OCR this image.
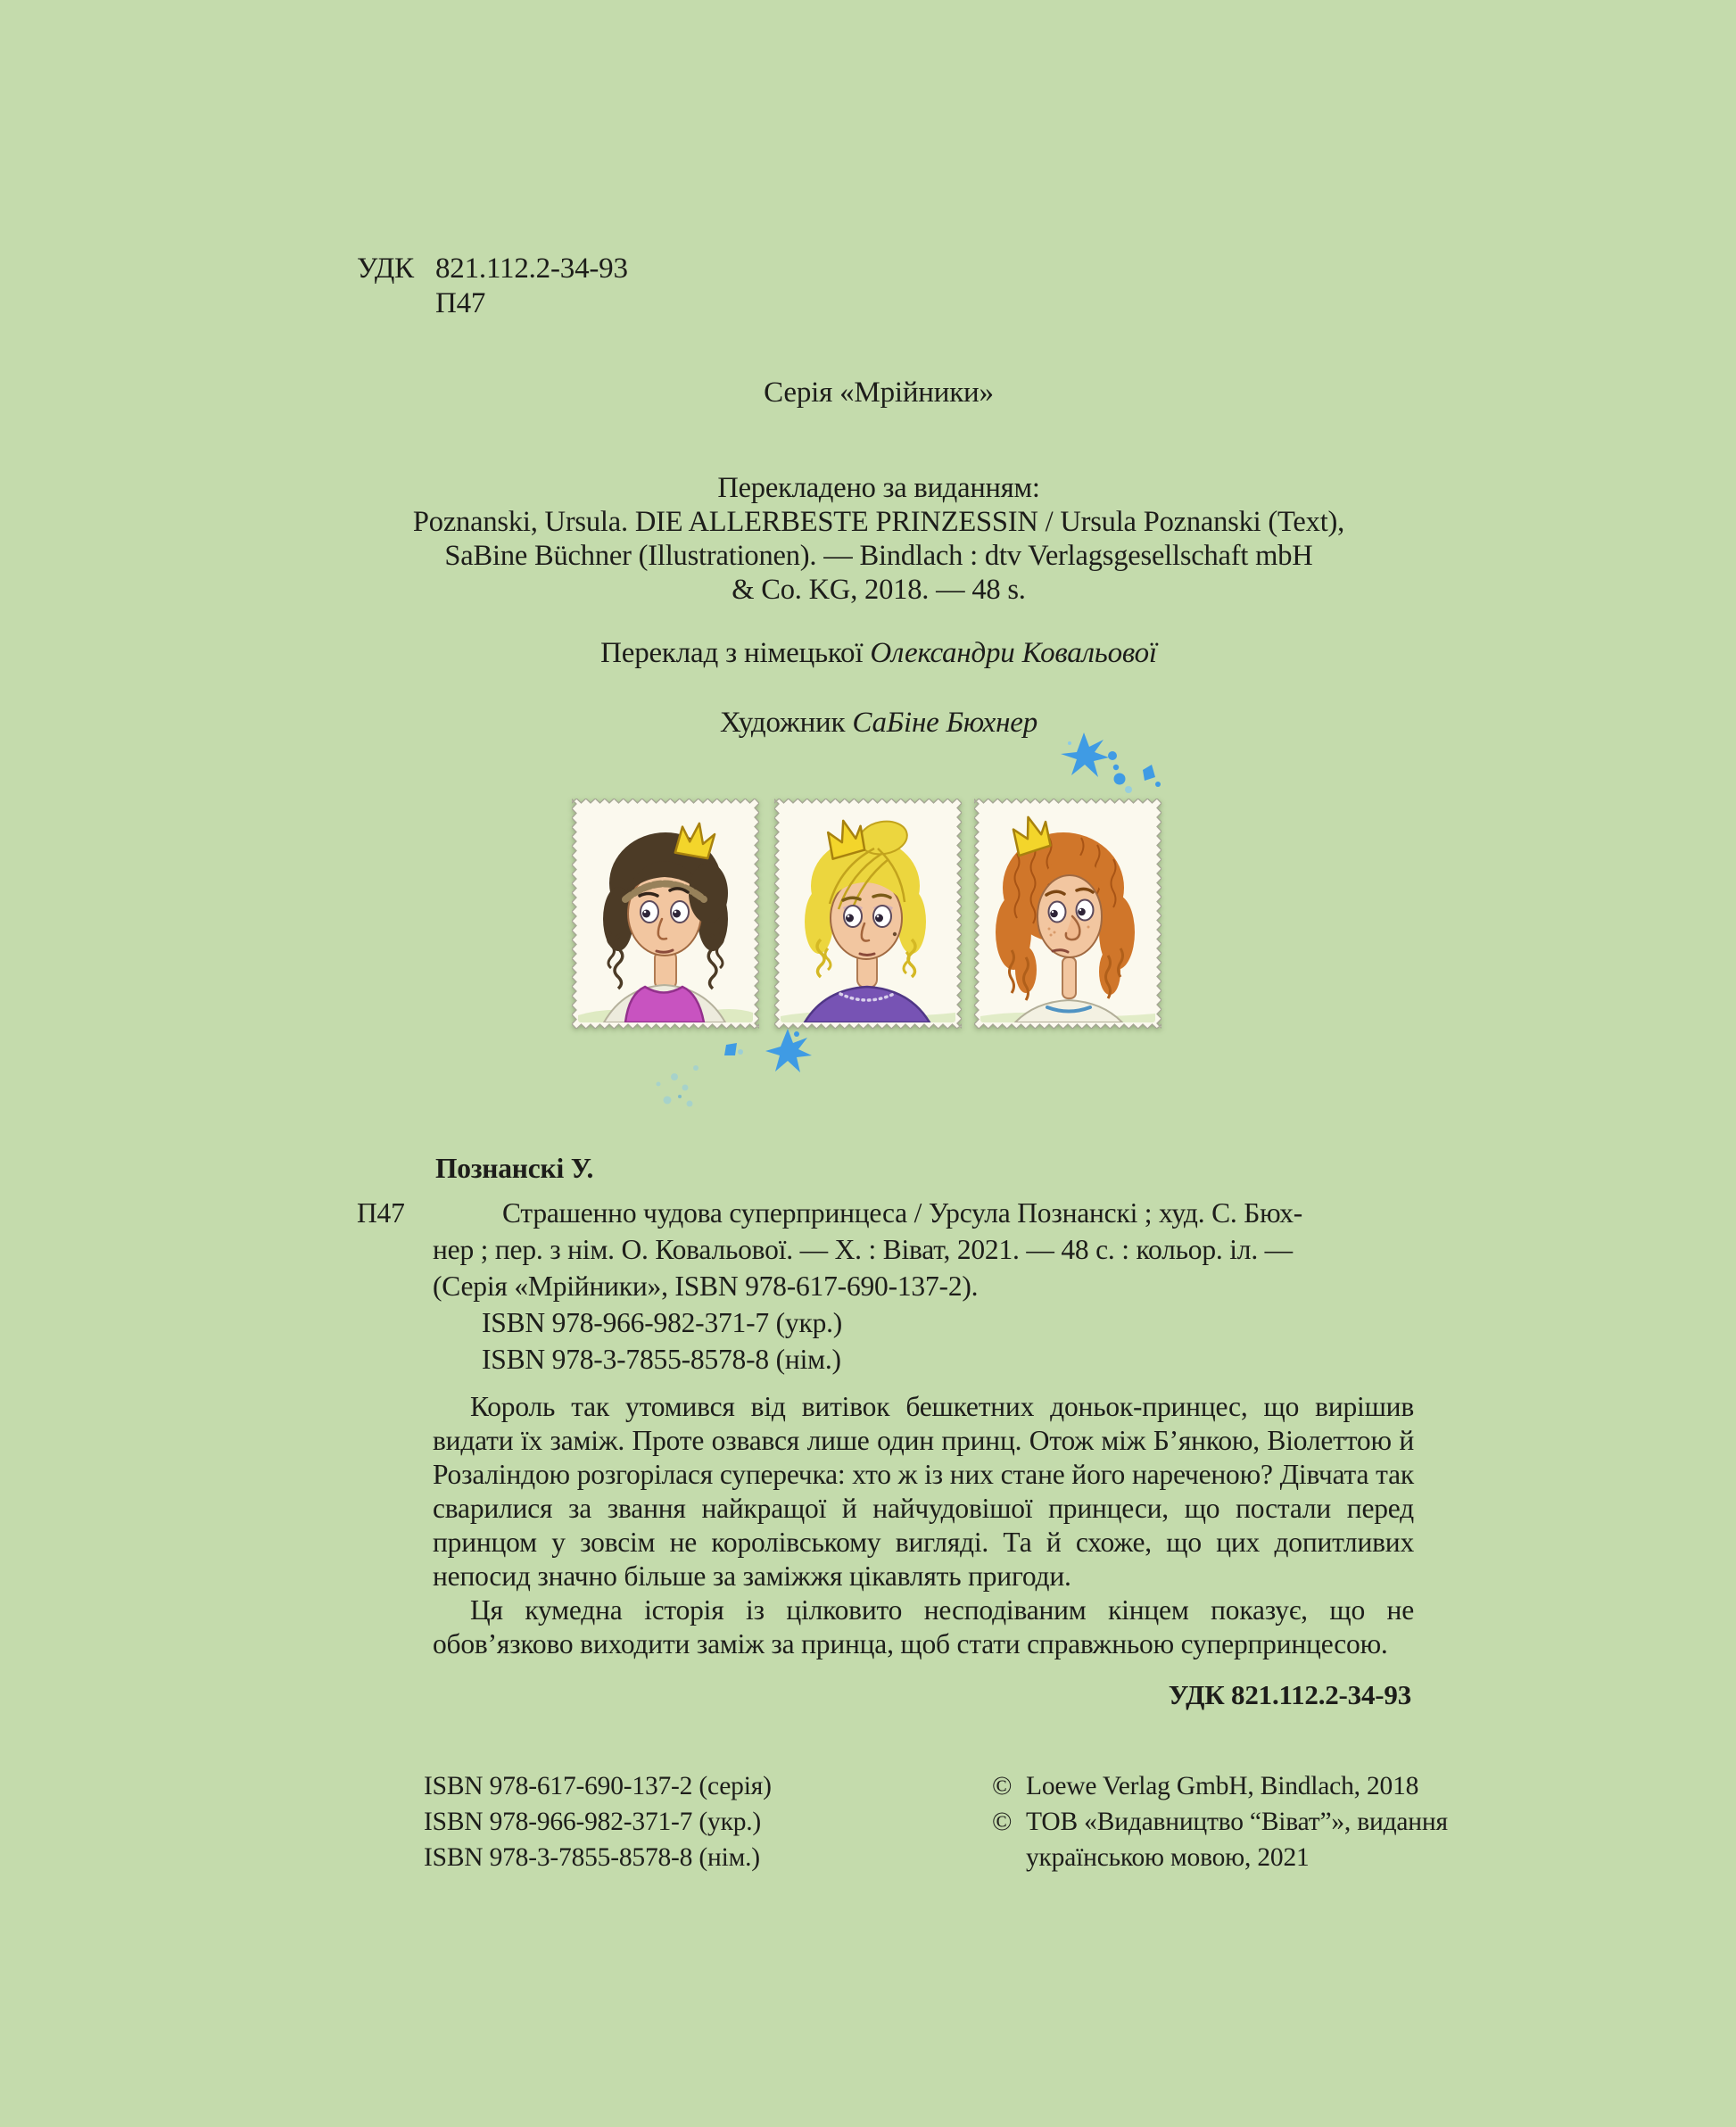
УДК 821.112.2-34-93
П47
Серія «Мрійники»
Перекладено за виданням:
Poznanski, Ursula. DIE ALLERBESTE PRINZESSIN / Ursula Poznanski (Text),
SaBine Büchner (Illustrationen). — Bindlach : dtv Verlagsgesellschaft mbH
& Co. KG, 2018. — 48 s.
Переклад з німецької Олександри Ковальової
Художник СаБіне Бюхнер
Познанскі У.
П47	Страшенно чудова суперпринцеса / Урсула Познанскі ; худ. С. Бюх-
нер ; пер. з нім. О. Ковальової. — Х. : Віват, 2021. — 48 с. : кольор. іл. —
(Серія «Мрійники», ISBN 978-617-690-137-2).
ISBN 978-966-982-371-7 (укр.)
ISBN 978-3-7855-8578-8 (нім.)

Король так утомився від витівок бешкетних доньок-принцес, що вирішив видати їх заміж. Проте озвався лише один принц. Отож між Б’янкою, Віолеттою й Розаліндою розгорілася суперечка: хто ж із них стане його нареченою? Дівчата так сварилися за звання найкращої й найчудовішої принцеси, що постали перед принцом у зовсім не королівському вигляді. Та й схоже, що цих допитливих непосид значно більше за заміжжя цікавлять пригоди.

Ця кумедна історія із цілковито несподіваним кінцем показує, що не обов’язково виходити заміж за принца, щоб стати справжньою суперпринцесою.

УДК 821.112.2-34-93
ISBN 978-617-690-137-2 (серія)
ISBN 978-966-982-371-7 (укр.)
ISBN 978-3-7855-8578-8 (нім.)
© Loewe Verlag GmbH, Bindlach, 2018
© ТОВ «Видавництво “Віват”», видання
українською мовою, 2021
